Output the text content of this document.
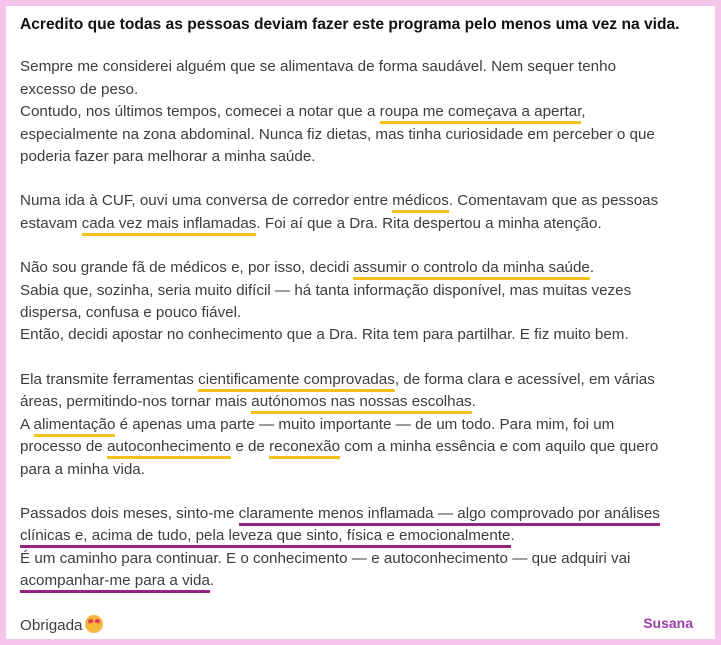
Acredito que todas as pessoas deviam fazer este programa pelo menos uma vez na vida.

Sempre me considerei alguém que se alimentava de forma saudável. Nem sequer tenho
excesso de peso.
Contudo, nos últimos tempos, comecei a notar que a roupa me começava a apertar,
especialmente na zona abdominal. Nunca fiz dietas, mas tinha curiosidade em perceber o que
poderia fazer para melhorar a minha saúde.

Numa ida à CUF, ouvi uma conversa de corredor entre médicos. Comentavam que as pessoas
estavam cada vez mais inflamadas. Foi aí que a Dra. Rita despertou a minha atenção.

Não sou grande fã de médicos e, por isso, decidi assumir o controlo da minha saúde.
Sabia que, sozinha, seria muito difícil — há tanta informação disponível, mas muitas vezes
dispersa, confusa e pouco fiável.
Então, decidi apostar no conhecimento que a Dra. Rita tem para partilhar. E fiz muito bem.

Ela transmite ferramentas cientificamente comprovadas, de forma clara e acessível, em várias
áreas, permitindo-nos tornar mais autónomos nas nossas escolhas.
A alimentação é apenas uma parte — muito importante — de um todo. Para mim, foi um
processo de autoconhecimento e de reconexão com a minha essência e com aquilo que quero
para a minha vida.

Passados dois meses, sinto-me claramente menos inflamada — algo comprovado por análises
clínicas e, acima de tudo, pela leveza que sinto, física e emocionalmente.
É um caminho para continuar. E o conhecimento — e autoconhecimento — que adquiri vai
acompanhar-me para a vida.

Obrigada	Susana
